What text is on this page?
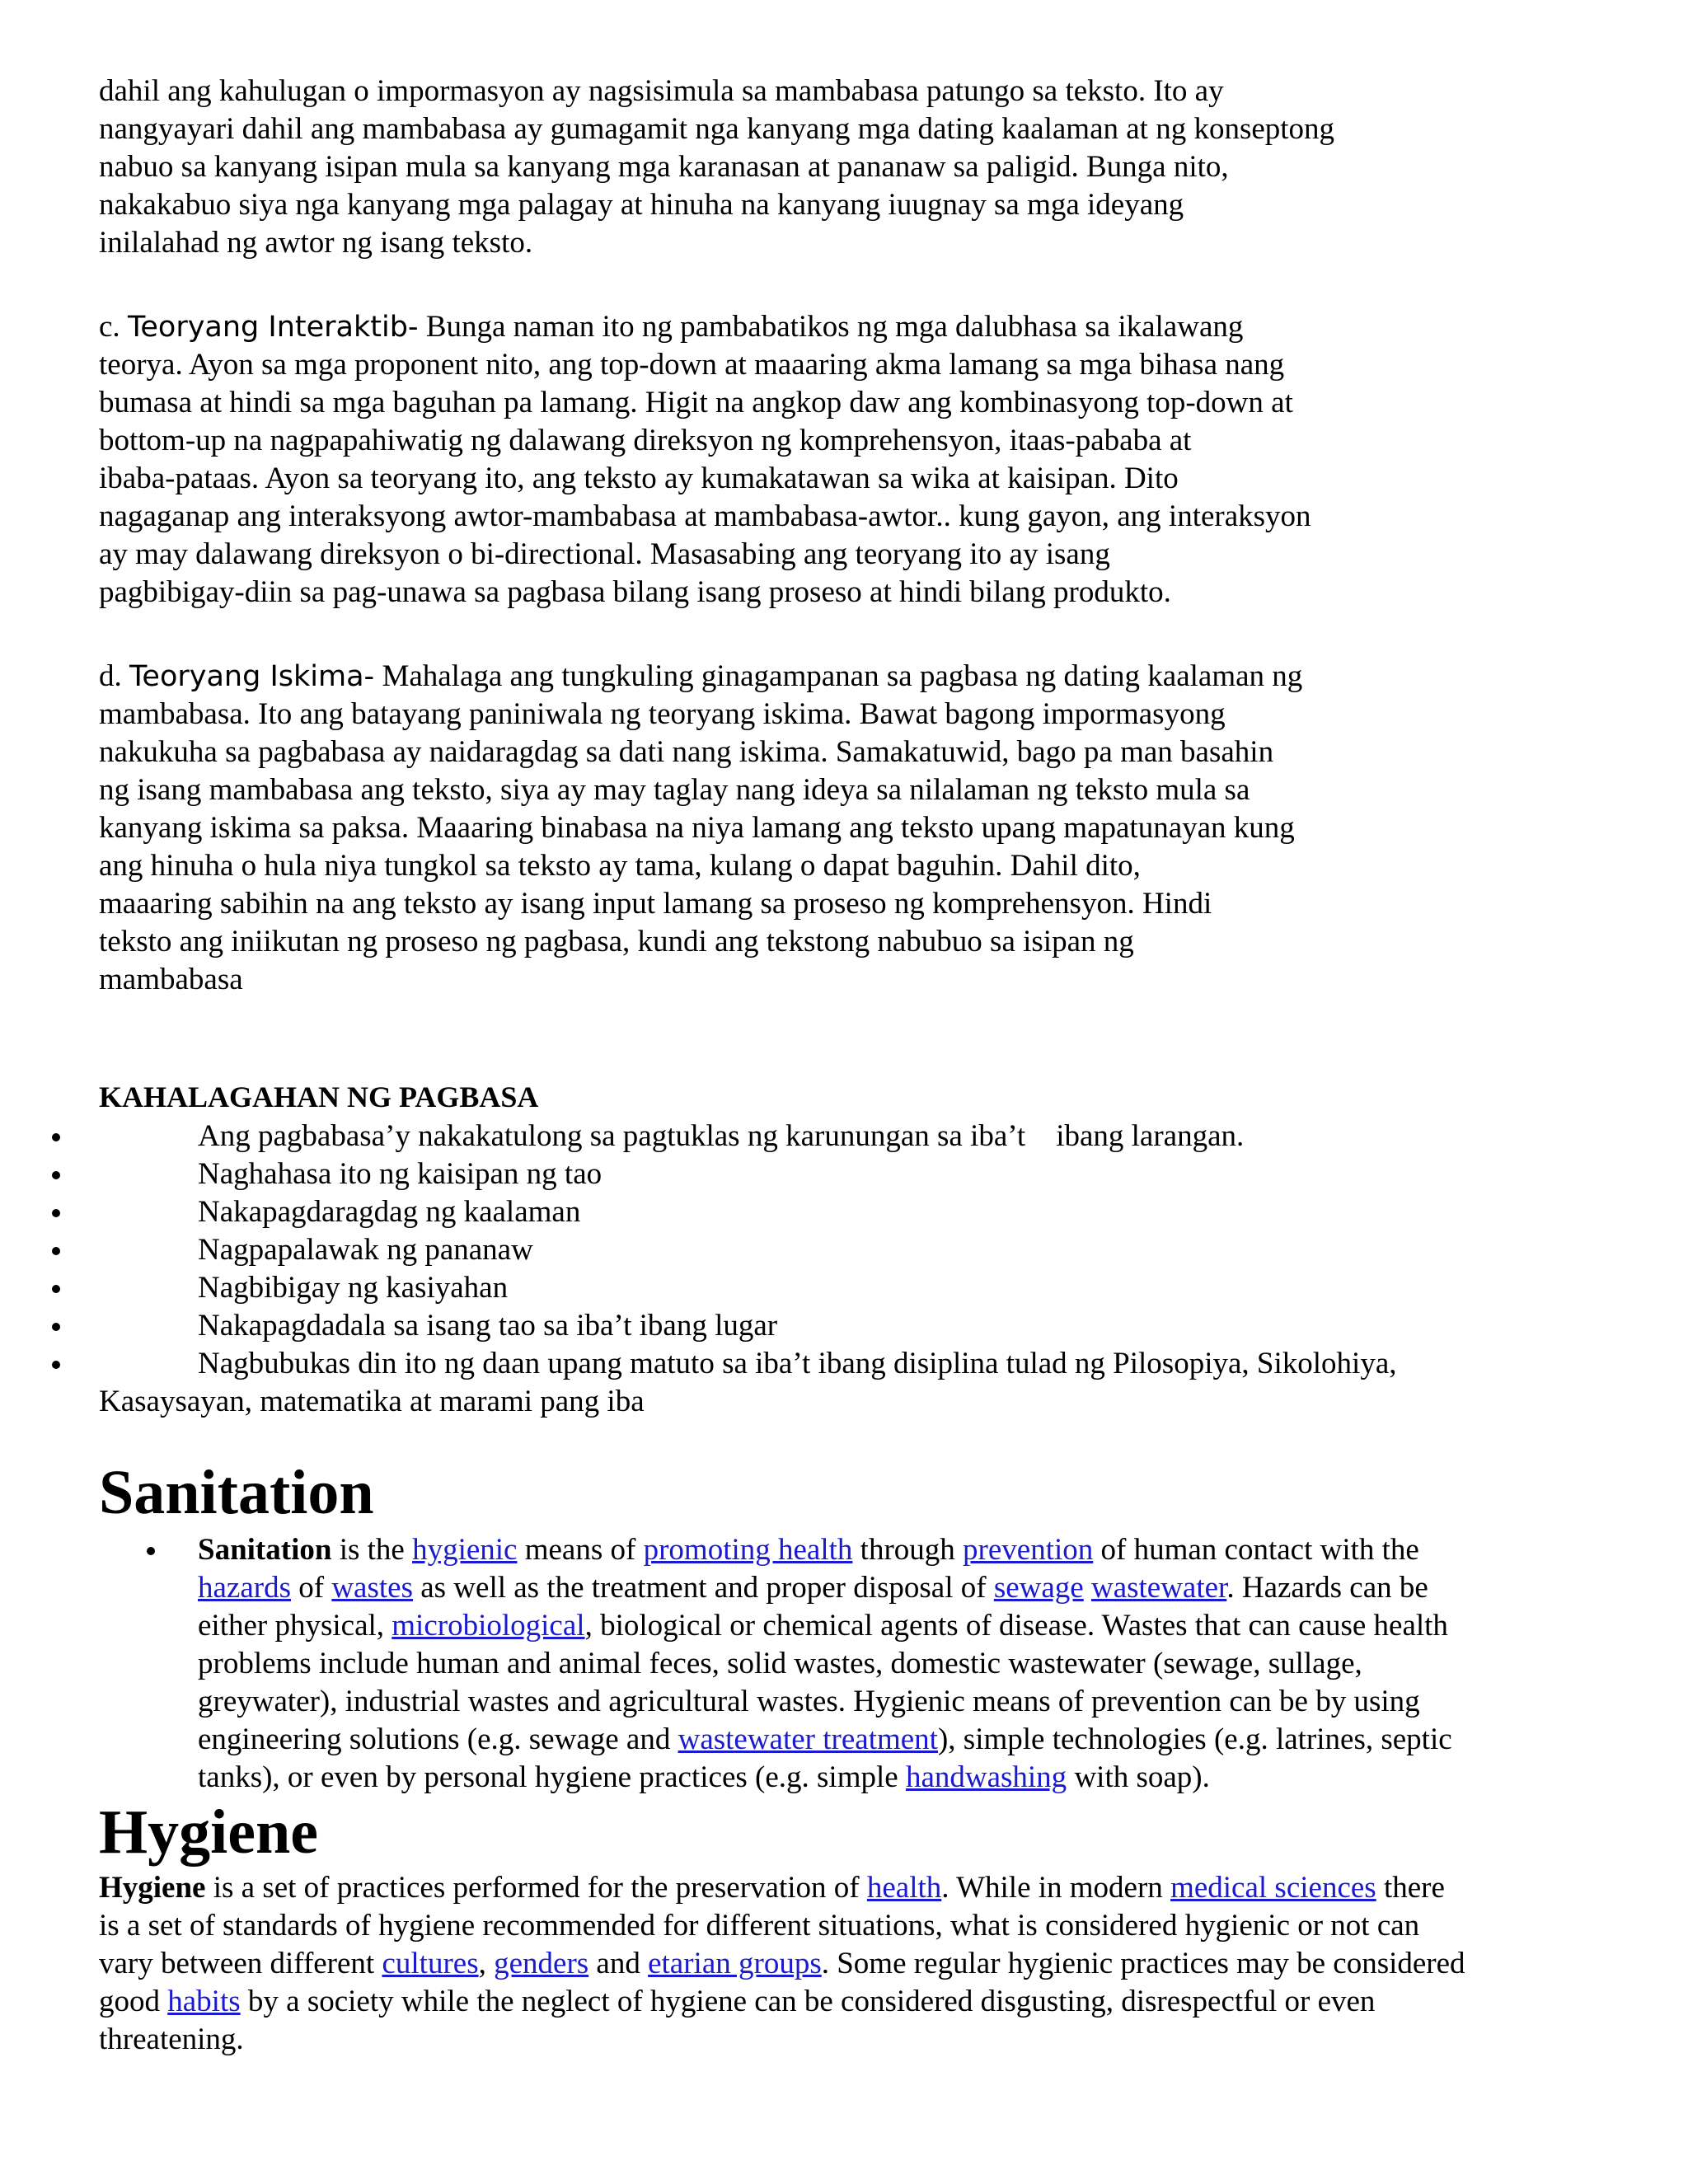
dahil ang kahulugan o impormasyon ay nagsisimula sa mambabasa patungo sa teksto. Ito ay
nangyayari dahil ang mambabasa ay gumagamit nga kanyang mga dating kaalaman at ng konseptong
nabuo sa kanyang isipan mula sa kanyang mga karanasan at pananaw sa paligid. Bunga nito,
nakakabuo siya nga kanyang mga palagay at hinuha na kanyang iuugnay sa mga ideyang
inilalahad ng awtor ng isang teksto.
c. Teoryang Interaktib- Bunga naman ito ng pambabatikos ng mga dalubhasa sa ikalawang
teorya. Ayon sa mga proponent nito, ang top-down at maaaring akma lamang sa mga bihasa nang
bumasa at hindi sa mga baguhan pa lamang. Higit na angkop daw ang kombinasyong top-down at
bottom-up na nagpapahiwatig ng dalawang direksyon ng komprehensyon, itaas-pababa at
ibaba-pataas. Ayon sa teoryang ito, ang teksto ay kumakatawan sa wika at kaisipan. Dito
nagaganap ang interaksyong awtor-mambabasa at mambabasa-awtor.. kung gayon, ang interaksyon
ay may dalawang direksyon o bi-directional. Masasabing ang teoryang ito ay isang
pagbibigay-diin sa pag-unawa sa pagbasa bilang isang proseso at hindi bilang produkto.
d. Teoryang Iskima- Mahalaga ang tungkuling ginagampanan sa pagbasa ng dating kaalaman ng
mambabasa. Ito ang batayang paniniwala ng teoryang iskima. Bawat bagong impormasyong
nakukuha sa pagbabasa ay naidaragdag sa dati nang iskima. Samakatuwid, bago pa man basahin
ng isang mambabasa ang teksto, siya ay may taglay nang ideya sa nilalaman ng teksto mula sa
kanyang iskima sa paksa. Maaaring binabasa na niya lamang ang teksto upang mapatunayan kung
ang hinuha o hula niya tungkol sa teksto ay tama, kulang o dapat baguhin. Dahil dito,
maaaring sabihin na ang teksto ay isang input lamang sa proseso ng komprehensyon. Hindi
teksto ang iniikutan ng proseso ng pagbasa, kundi ang tekstong nabubuo sa isipan ng
mambabasa
KAHALAGAHAN NG PAGBASA
Ang pagbabasa’y nakakatulong sa pagtuklas ng karunungan sa iba’t    ibang larangan.
Naghahasa ito ng kaisipan ng tao
Nakapagdaragdag ng kaalaman
Nagpapalawak ng pananaw
Nagbibigay ng kasiyahan
Nakapagdadala sa isang tao sa iba’t ibang lugar
Nagbubukas din ito ng daan upang matuto sa iba’t ibang disiplina tulad ng Pilosopiya, Sikolohiya,
Kasaysayan, matematika at marami pang iba
Sanitation
Sanitation is the hygienic means of promoting health through prevention of human contact with the
hazards of wastes as well as the treatment and proper disposal of sewage wastewater. Hazards can be
either physical, microbiological, biological or chemical agents of disease. Wastes that can cause health
problems include human and animal feces, solid wastes, domestic wastewater (sewage, sullage,
greywater), industrial wastes and agricultural wastes. Hygienic means of prevention can be by using
engineering solutions (e.g. sewage and wastewater treatment), simple technologies (e.g. latrines, septic
tanks), or even by personal hygiene practices (e.g. simple handwashing with soap).
Hygiene
Hygiene is a set of practices performed for the preservation of health. While in modern medical sciences there
is a set of standards of hygiene recommended for different situations, what is considered hygienic or not can
vary between different cultures, genders and etarian groups. Some regular hygienic practices may be considered
good habits by a society while the neglect of hygiene can be considered disgusting, disrespectful or even
threatening.
